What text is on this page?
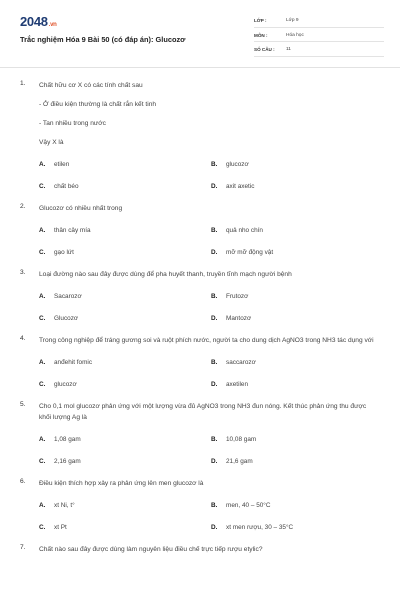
2048.vn
Trắc nghiệm Hóa 9 Bài 50 (có đáp án): Glucozơ
LỚP :	Lớp 9
MÔN :	Hóa học
SỐ CÂU :	11
1. Chất hữu cơ X có các tính chất sau
- Ở điều kiện thường là chất rắn kết tinh
- Tan nhiều trong nước
Vậy X là
A.	etilen	B.	glucozơ
C.	chất béo	D.	axit axetic
2. Glucozơ có nhiều nhất trong
A.	thân cây mía	B.	quả nho chín
C.	gạo lứt	D.	mỡ mỡ động vật
3. Loại đường nào sau đây được dùng để pha huyết thanh, truyền tĩnh mạch người bệnh
A.	Sacarozơ	B.	Frutozơ
C.	Glucozơ	D.	Mantozơ
4. Trong công nghiệp để tráng gương soi và ruột phích nước, người ta cho dung dịch AgNO3 trong NH3 tác dụng với
A.	anđehit fomic	B.	saccarozơ
C.	glucozơ	D.	axetilen
5. Cho 0,1 mol glucozơ phản ứng với một lượng vừa đủ AgNO3 trong NH3 đun nóng. Kết thúc phản ứng thu được khối lượng Ag là
A.	1,08 gam	B.	10,08 gam
C.	2,16 gam	D.	21,6 gam
6. Điều kiện thích hợp xảy ra phản ứng lên men glucozơ là
A.	xt Ni, t°	B.	men, 40 – 50°C
C.	xt Pt	D.	xt men rượu, 30 – 35°C
7. Chất nào sau đây được dùng làm nguyên liệu điều chế trực tiếp rượu etylic?
